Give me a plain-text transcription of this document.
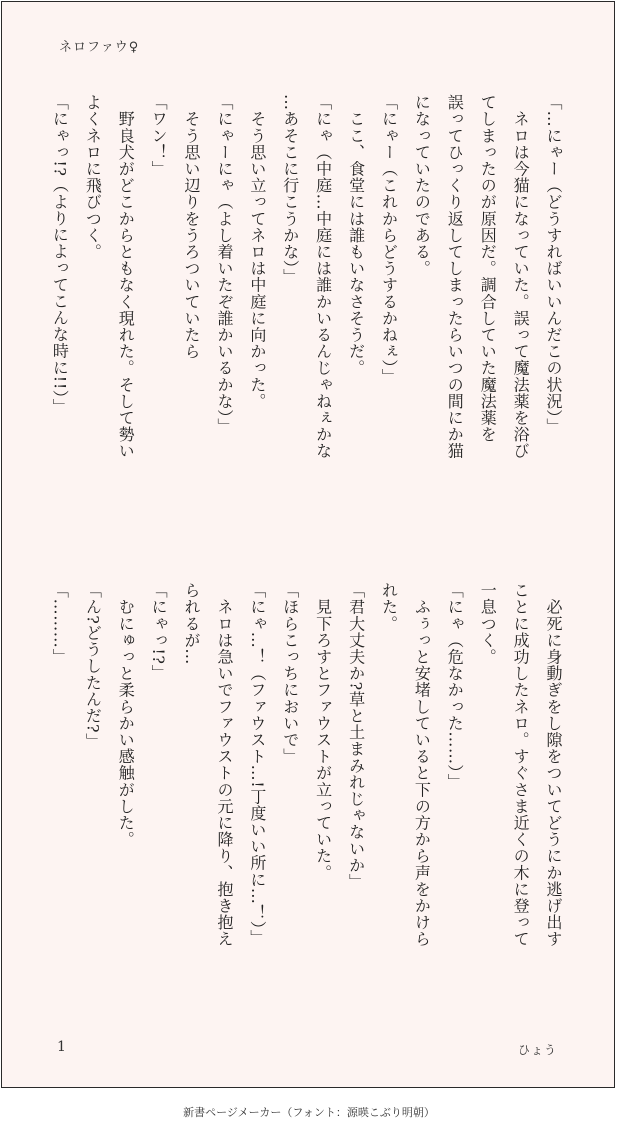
ネロファウ♀
「…にゃー（どうすればいいんだこの状況）」
　ネロは今猫になっていた。誤って魔法薬を浴び
てしまったのが原因だ。調合していた魔法薬を
誤ってひっくり返してしまったらいつの間にか猫
になっていたのである。
「にゃー（これからどうするかねぇ）」
　ここ、食堂には誰もいなさそうだ。
「にゃ（中庭…中庭には誰かいるんじゃねぇかな
…あそこに行こうかな）」
　そう思い立ってネロは中庭に向かった。
「にゃーにゃ（よし着いたぞ誰かいるかな）」
　そう思い辺りをうろついていたら
「ワン！」
　野良犬がどこからともなく現れた。そして勢い
よくネロに飛びつく。
「にゃっ!?（よりによってこんな時に!!）」
　必死に身動ぎをし隙をついてどうにか逃げ出す
ことに成功したネロ。すぐさま近くの木に登って
一息つく。
「にゃ（危なかった……）」
　ふぅっと安堵していると下の方から声をかけら
れた。
「君大丈夫か?草と土まみれじゃないか」
　見下ろすとファウストが立っていた。
「ほらこっちにおいで」
「にゃ…！（ファウスト…!丁度いい所に…！）」
　ネロは急いでファウストの元に降り、抱き抱え
られるが…
「にゃっ!?」
　むにゅっと柔らかい感触がした。
「ん?どうしたんだ?」
「………」
1	ひょう
新書ページメーカー（フォント：源暎こぶり明朝）
